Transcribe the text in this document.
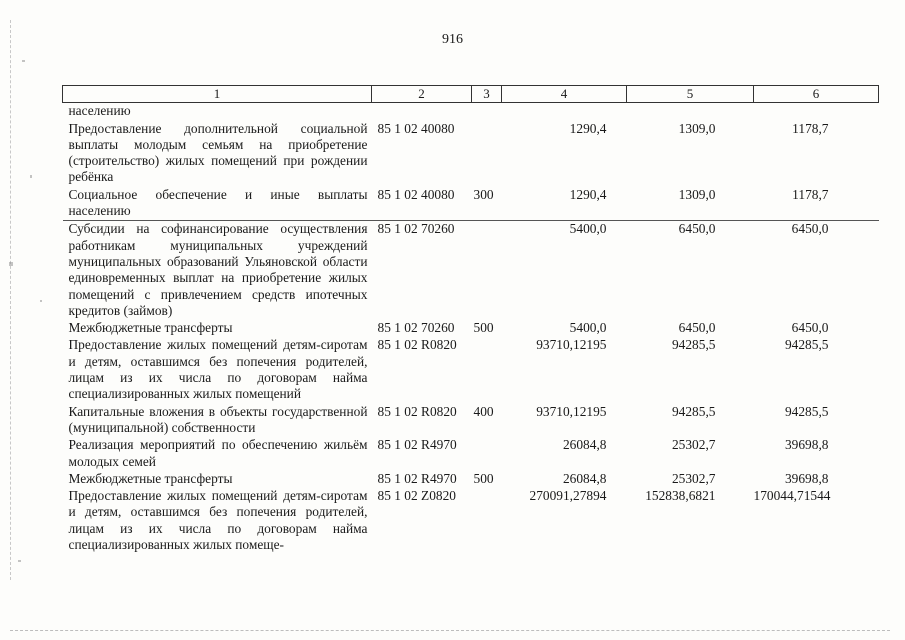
916
1	2	3	4	5	6
населению					
Предоставление дополнительной социальной выплаты молодым семьям на приобретение (строительство) жилых помещений при рождении ребёнка	85 1 02 40080		1290,4	1309,0	1178,7
Социальное обеспечение и иные выплаты населению	85 1 02 40080	300	1290,4	1309,0	1178,7
Субсидии на софинансирование осуществления работникам муниципальных учреждений муниципальных образований Ульяновской области единовременных выплат на приобретение жилых помещений с привлечением средств ипотечных кредитов (займов)	85 1 02 70260		5400,0	6450,0	6450,0
Межбюджетные трансферты	85 1 02 70260	500	5400,0	6450,0	6450,0
Предоставление жилых помещений детям-сиротам и детям, оставшимся без попечения родителей, лицам из их числа по договорам найма специализированных жилых помещений	85 1 02 R0820		93710,12195	94285,5	94285,5
Капитальные вложения в объекты государственной (муниципальной) собственности	85 1 02 R0820	400	93710,12195	94285,5	94285,5
Реализация мероприятий по обеспечению жильём молодых семей	85 1 02 R4970		26084,8	25302,7	39698,8
Межбюджетные трансферты	85 1 02 R4970	500	26084,8	25302,7	39698,8
Предоставление жилых помещений детям-сиротам и детям, оставшимся без попечения родителей, лицам из их числа по договорам найма специализированных жилых помеще-	85 1 02 Z0820		270091,27894	152838,6821	170044,71544
